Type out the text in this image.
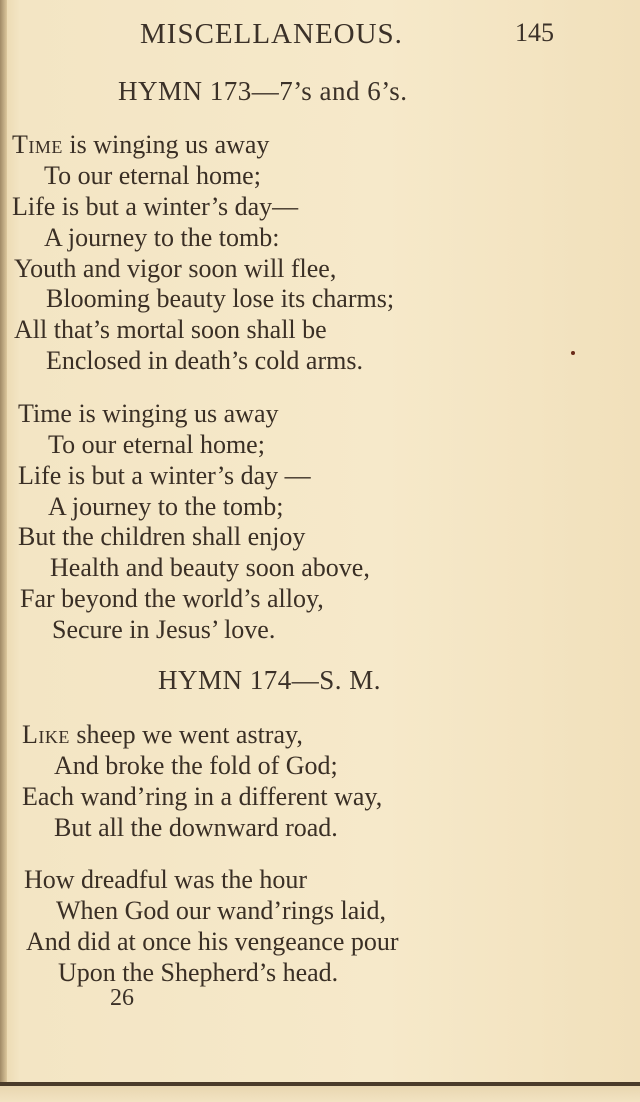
MISCELLANEOUS.	145
HYMN 173—7’s and 6’s.
Time is winging us away
To our eternal home;
Life is but a winter’s day—
A journey to the tomb:
Youth and vigor soon will flee,
Blooming beauty lose its charms;
All that’s mortal soon shall be
Enclosed in death’s cold arms.
Time is winging us away
To our eternal home;
Life is but a winter’s day —
A journey to the tomb;
But the children shall enjoy
Health and beauty soon above,
Far beyond the world’s alloy,
Secure in Jesus’ love.
HYMN 174—S. M.
Like sheep we went astray,
And broke the fold of God;
Each wand’ring in a different way,
But all the downward road.
How dreadful was the hour
When God our wand’rings laid,
And did at once his vengeance pour
Upon the Shepherd’s head.
26
